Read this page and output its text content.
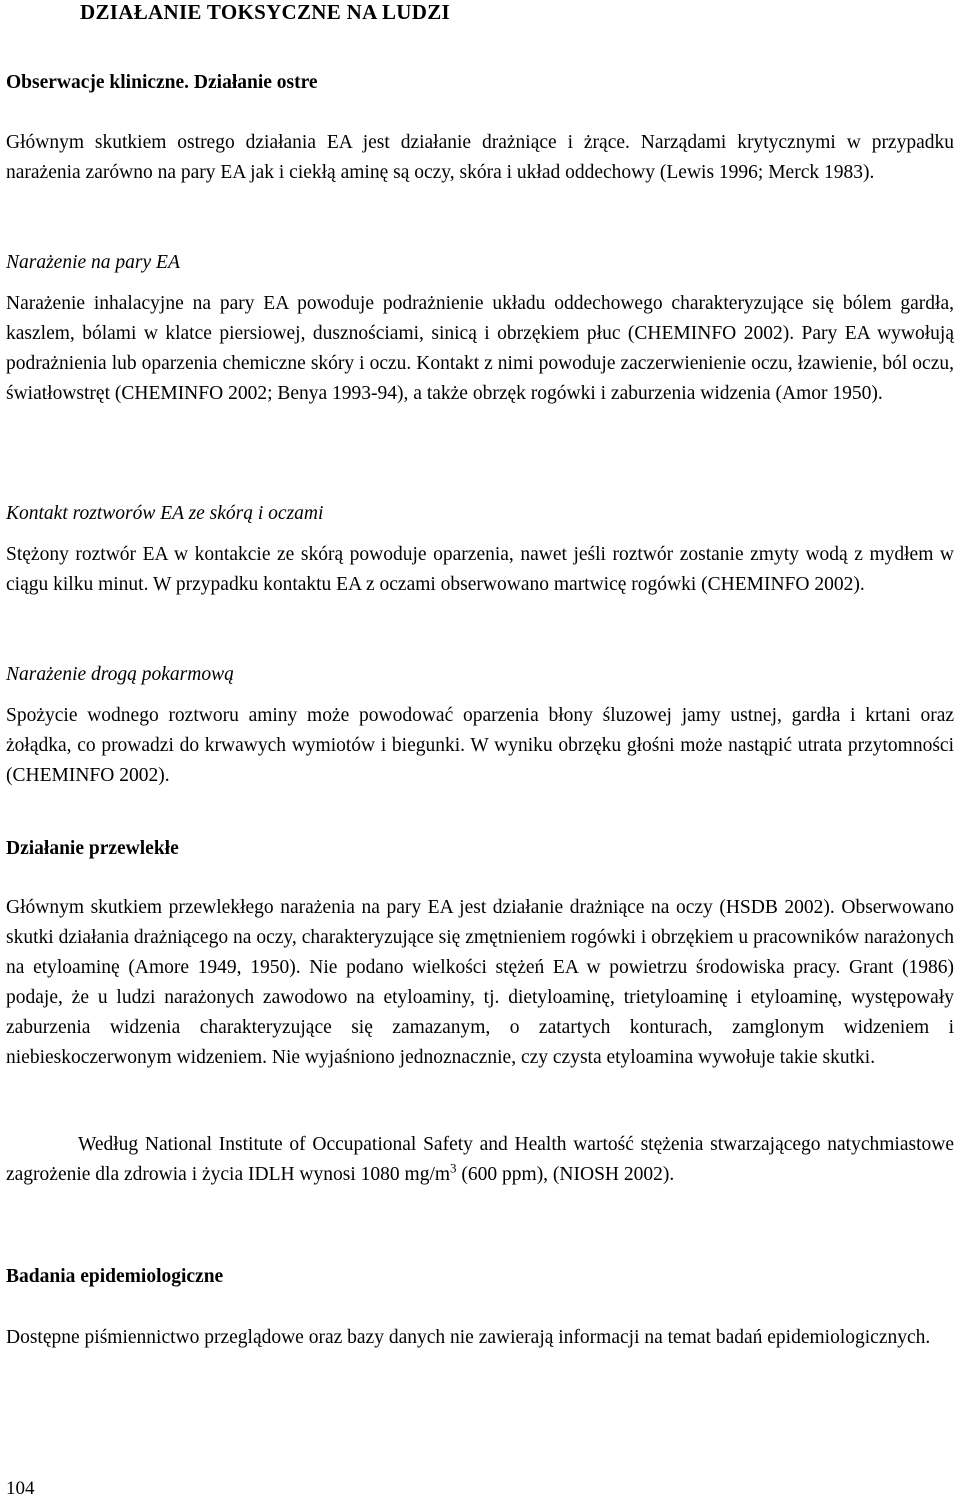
DZIAŁANIE TOKSYCZNE NA LUDZI
Obserwacje kliniczne. Działanie ostre

Głównym skutkiem ostrego działania EA jest działanie drażniące i żrące. Narządami krytycznymi w przypadku narażenia zarówno na pary EA jak i ciekłą aminę są oczy, skóra i układ oddechowy (Lewis 1996; Merck 1983).

Narażenie na pary EA

Narażenie inhalacyjne na pary EA powoduje podrażnienie układu oddechowego charakteryzujące się bólem gardła, kaszlem, bólami w klatce piersiowej, dusznościami, sinicą i obrzękiem płuc (CHEMINFO 2002). Pary EA wywołują podrażnienia lub oparzenia chemiczne skóry i oczu. Kontakt z nimi powoduje zaczerwienienie oczu, łzawienie, ból oczu, światłowstręt (CHEMINFO 2002; Benya 1993-94), a także obrzęk rogówki i zaburzenia widzenia (Amor 1950).

Kontakt roztworów EA ze skórą i oczami

Stężony roztwór EA w kontakcie ze skórą powoduje oparzenia, nawet jeśli roztwór zostanie zmyty wodą z mydłem w ciągu kilku minut. W przypadku kontaktu EA z oczami obserwowano martwicę rogówki (CHEMINFO 2002).

Narażenie drogą pokarmową

Spożycie wodnego roztworu aminy może powodować oparzenia błony śluzowej jamy ustnej, gardła i krtani oraz żołądka, co prowadzi do krwawych wymiotów i biegunki. W wyniku obrzęku głośni może nastąpić utrata przytomności (CHEMINFO 2002).

Działanie przewlekłe

Głównym skutkiem przewlekłego narażenia na pary EA jest działanie drażniące na oczy (HSDB 2002). Obserwowano skutki działania drażniącego na oczy, charakteryzujące się zmętnieniem rogówki i obrzękiem u pracowników narażonych na etyloaminę (Amore 1949, 1950). Nie podano wielkości stężeń EA w powietrzu środowiska pracy. Grant (1986) podaje, że u ludzi narażonych zawodowo na etyloaminy, tj. dietyloaminę, trietyloaminę i etyloaminę, występowały zaburzenia widzenia charakteryzujące się zamazanym, o zatartych konturach, zamglonym widzeniem i niebieskoczerwonym widzeniem. Nie wyjaśniono jednoznacznie, czy czysta etyloamina wywołuje takie skutki.

Według National Institute of Occupational Safety and Health wartość stężenia stwarzającego natychmiastowe zagrożenie dla zdrowia i życia IDLH wynosi 1080 $mg/m^3$ (600 ppm), (NIOSH 2002).

Badania epidemiologiczne

Dostępne piśmiennictwo przeglądowe oraz bazy danych nie zawierają informacji na temat badań epidemiologicznych.

104
